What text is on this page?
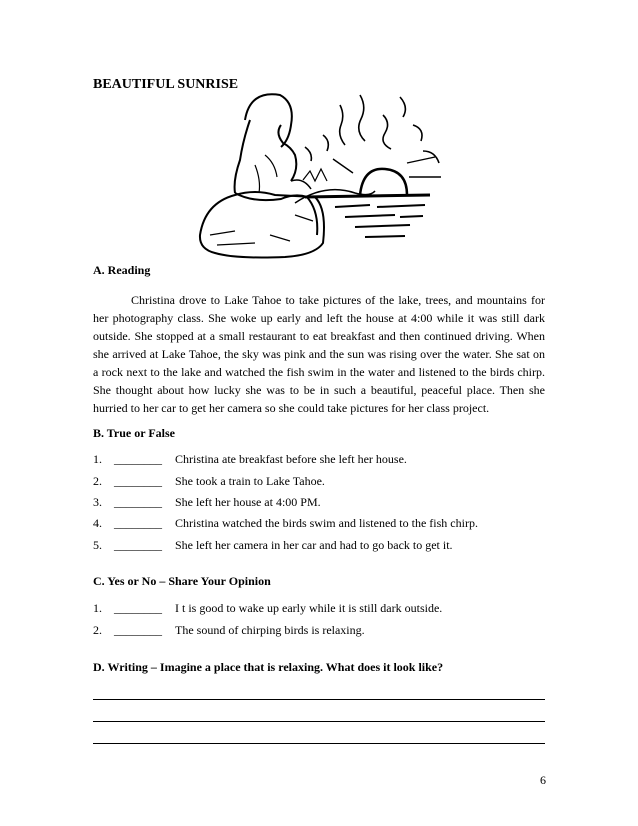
BEAUTIFUL SUNRISE
A. Reading
Christina drove to Lake Tahoe to take pictures of the lake, trees, and mountains for her photography class. She woke up early and left the house at 4:00 while it was still dark outside. She stopped at a small restaurant to eat breakfast and then continued driving. When she arrived at Lake Tahoe, the sky was pink and the sun was rising over the water. She sat on a rock next to the lake and watched the fish swim in the water and listened to the birds chirp. She thought about how lucky she was to be in such a beautiful, peaceful place. Then she hurried to her car to get her camera so she could take pictures for her class project.
B. True or False
1. ________ Christina ate breakfast before she left her house.
2. ________ She took a train to Lake Tahoe.
3. ________ She left her house at 4:00 PM.
4. ________ Christina watched the birds swim and listened to the fish chirp.
5. ________ She left her camera in her car and had to go back to get it.
C. Yes or No – Share Your Opinion
1. ________ I t is good to wake up early while it is still dark outside.
2. ________ The sound of chirping birds is relaxing.
D. Writing – Imagine a place that is relaxing. What does it look like?
6
